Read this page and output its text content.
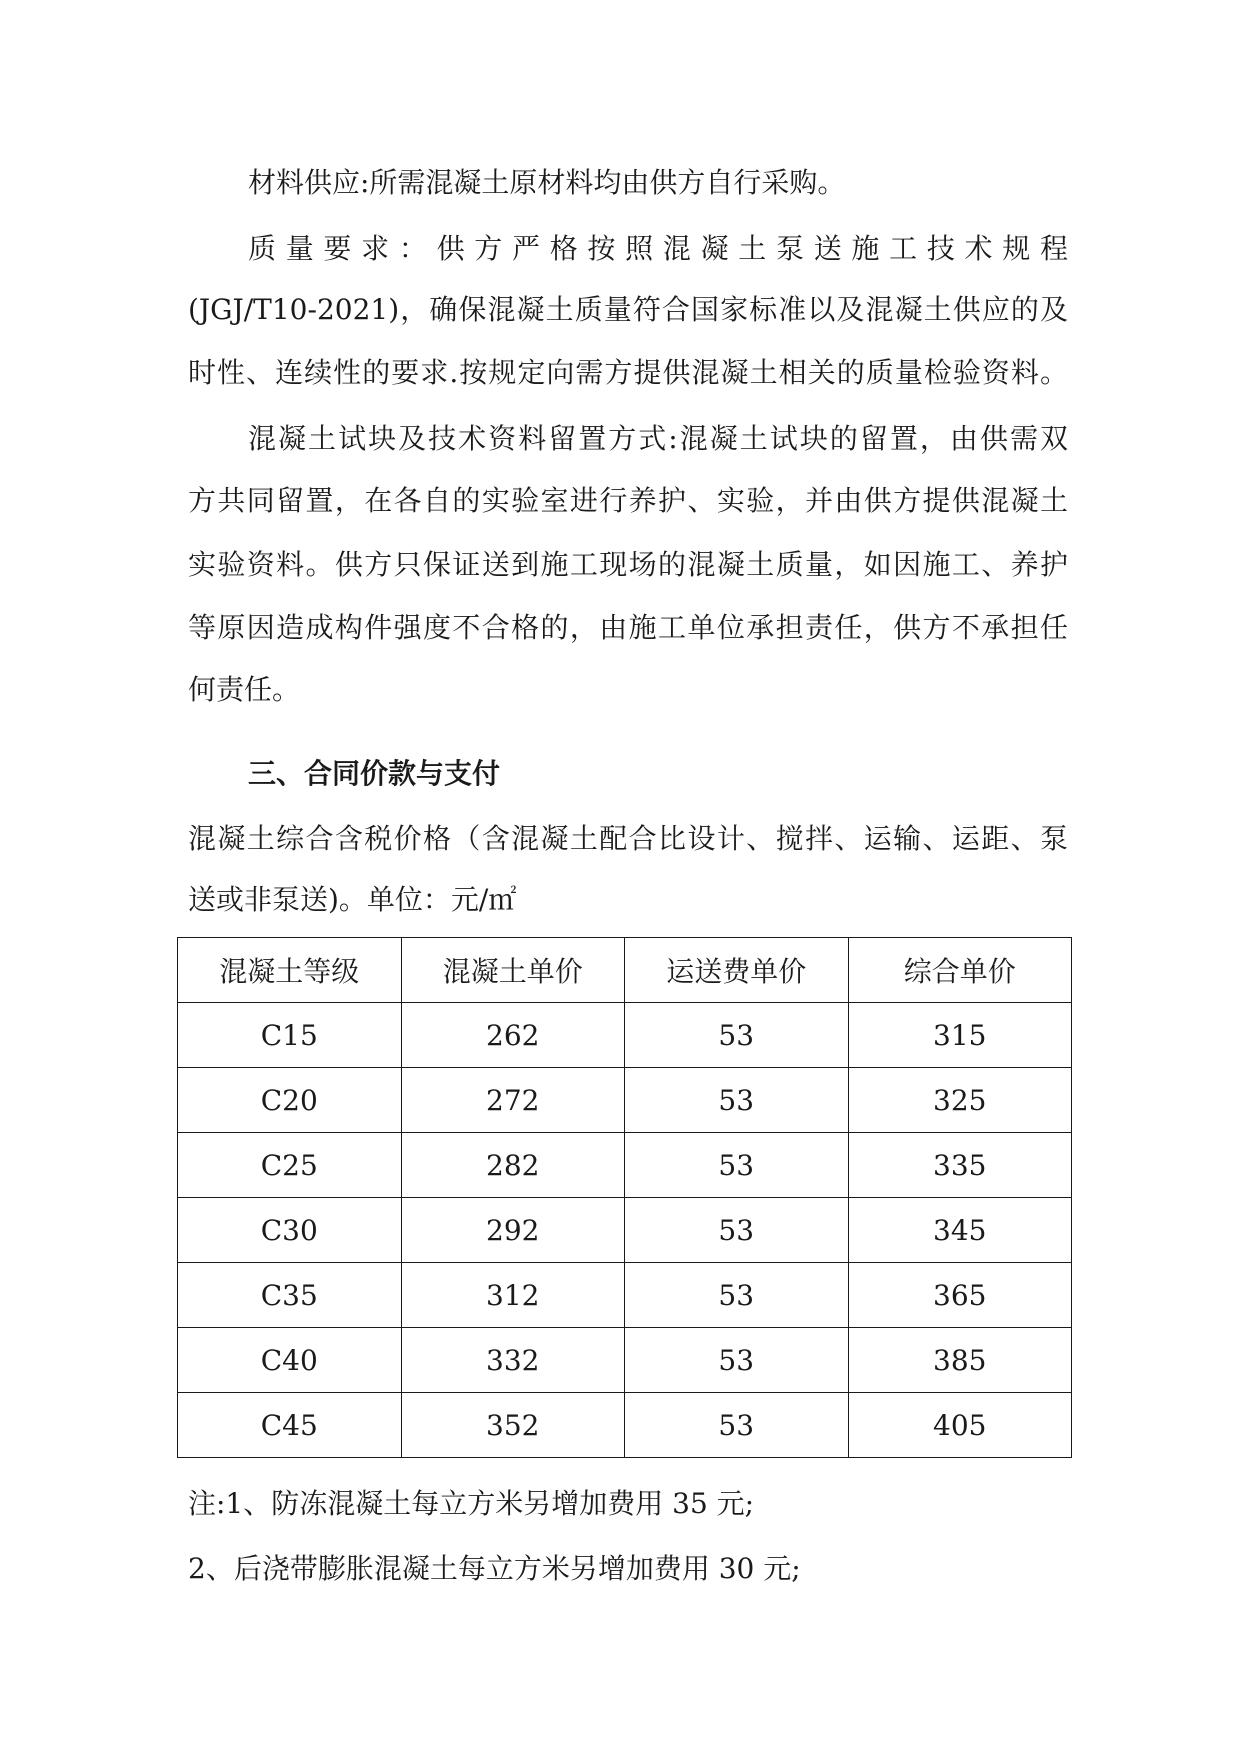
材料供应:所需混凝土原材料均由供方自行采购。
质量要求：供方严格按照混凝土泵送施工技术规程
(JGJ/T10-2021)，确保混凝土质量符合国家标准以及混凝土供应的及
时性、连续性的要求.按规定向需方提供混凝土相关的质量检验资料。
混凝土试块及技术资料留置方式:混凝土试块的留置，由供需双
方共同留置，在各自的实验室进行养护、实验，并由供方提供混凝土
实验资料。供方只保证送到施工现场的混凝土质量，如因施工、养护
等原因造成构件强度不合格的，由施工单位承担责任，供方不承担任
何责任。
三、合同价款与支付
混凝土综合含税价格（含混凝土配合比设计、搅拌、运输、运距、泵
送或非泵送)。单位：元/㎡
混凝土等级	混凝土单价	运送费单价	综合单价
C15	262	53	315
C20	272	53	325
C25	282	53	335
C30	292	53	345
C35	312	53	365
C40	332	53	385
C45	352	53	405
注:1、防冻混凝土每立方米另增加费用 35 元;
2、后浇带膨胀混凝土每立方米另增加费用 30 元;
